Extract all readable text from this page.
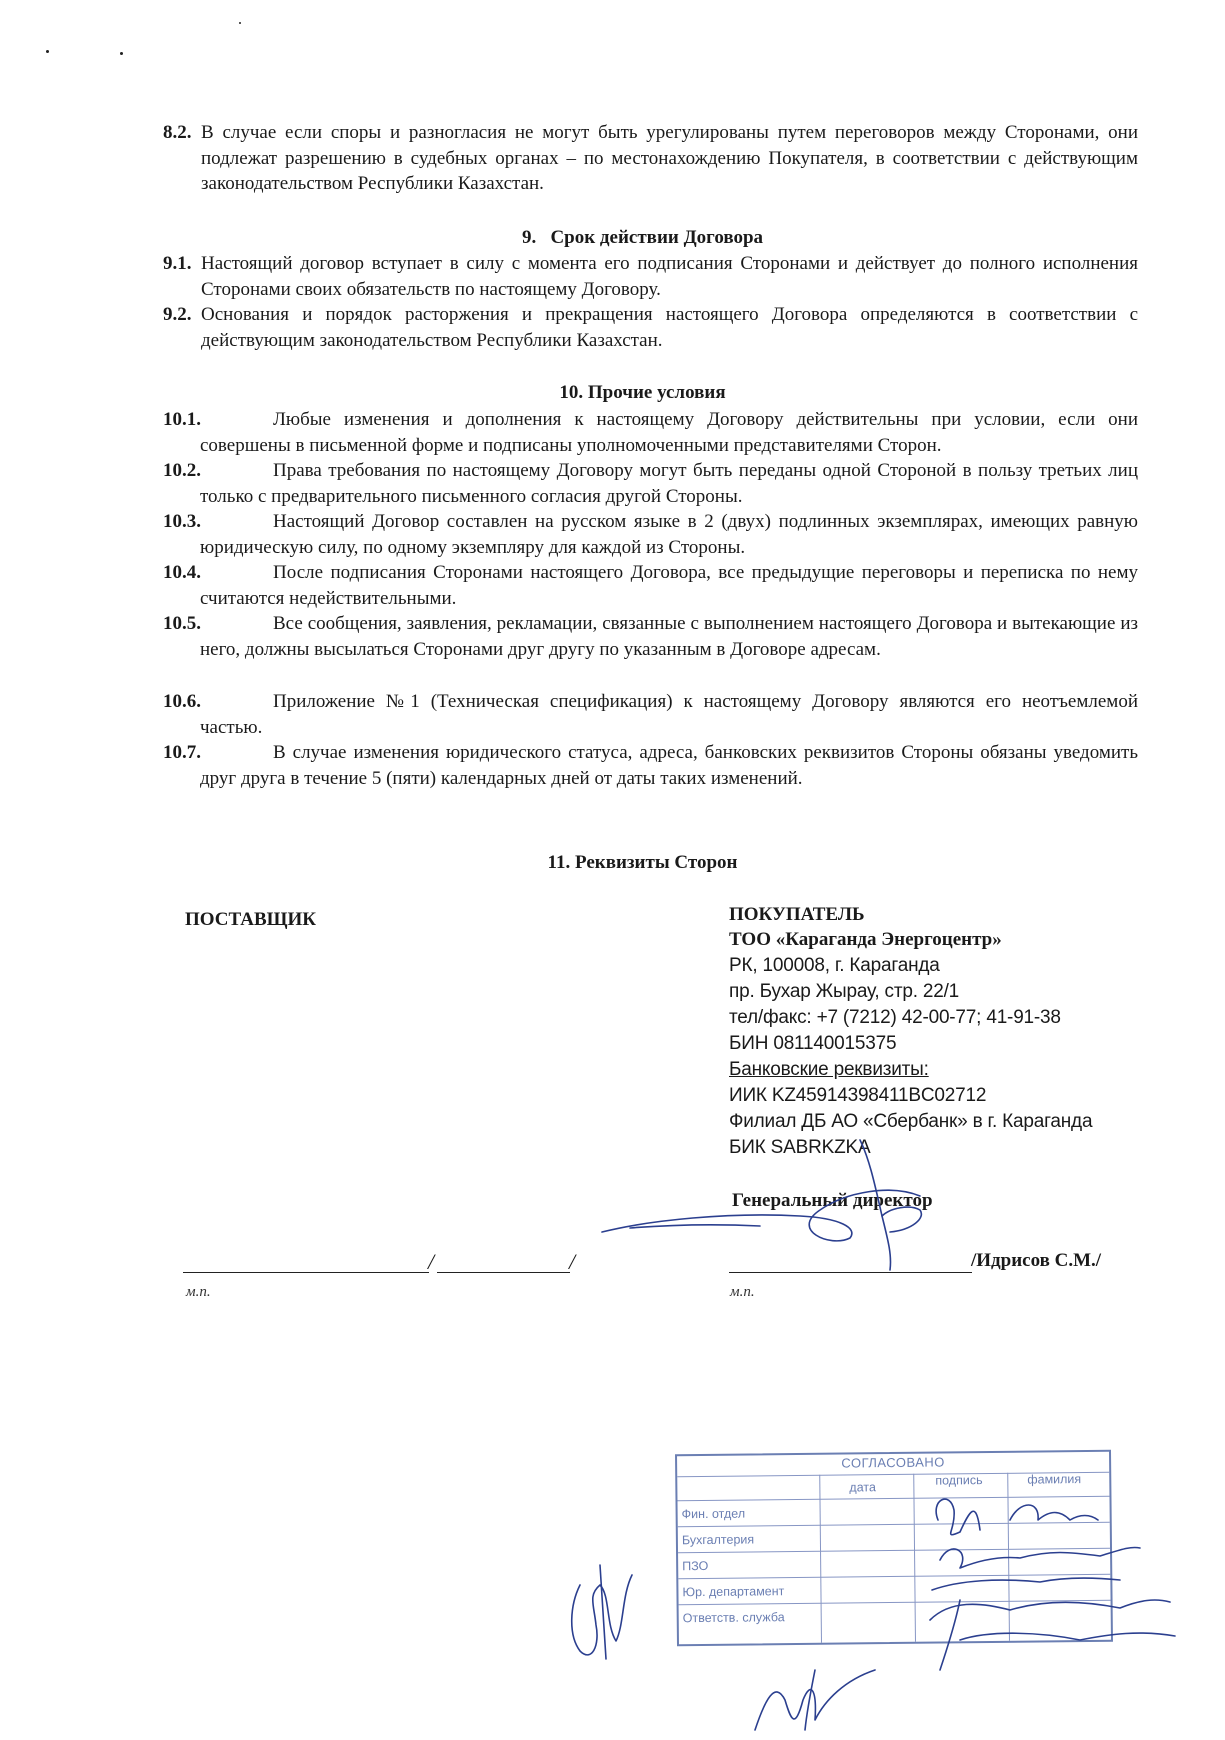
8.2. В случае если споры и разногласия не могут быть урегулированы путем переговоров между Сторонами, они подлежат разрешению в судебных органах – по местонахождению Покупателя, в соответствии с действующим законодательством Республики Казахстан.
9.   Срок действии Договора
9.1. Настоящий договор вступает в силу с момента его подписания Сторонами и действует до полного исполнения Сторонами своих обязательств по настоящему Договору.
9.2. Основания и порядок расторжения и прекращения настоящего Договора определяются в соответствии с действующим законодательством Республики Казахстан.
10. Прочие условия
10.1.	Любые изменения и дополнения к настоящему Договору действительны при условии, если они совершены в письменной форме и подписаны уполномоченными представителями Сторон.
10.2.	Права требования по настоящему Договору могут быть переданы одной Стороной в пользу третьих лиц только с предварительного письменного согласия другой Стороны.
10.3.	Настоящий Договор составлен на русском языке в 2 (двух) подлинных экземплярах, имеющих равную юридическую силу, по одному экземпляру для каждой из Стороны.
10.4.	После подписания Сторонами настоящего Договора, все предыдущие переговоры и переписка по нему считаются недействительными.
10.5.	Все сообщения, заявления, рекламации, связанные с выполнением настоящего Договора и вытекающие из него, должны высылаться Сторонами друг другу по указанным в Договоре адресам.
10.6.	Приложение №1 (Техническая спецификация) к настоящему Договору являются его неотъемлемой частью.
10.7.	В случае изменения юридического статуса, адреса, банковских реквизитов Стороны обязаны уведомить друг друга в течение 5 (пяти) календарных дней от даты таких изменений.
11. Реквизиты Сторон
ПОСТАВЩИК	ПОКУПАТЕЛЬ
ТОО «Караганда Энергоцентр»
РК, 100008, г. Караганда
пр. Бухар Жырау, стр. 22/1
тел/факс: +7 (7212) 42-00-77; 41-91-38
БИН 081140015375
Банковские реквизиты:
ИИК KZ45914398411BC02712
Филиал ДБ АО «Сбербанк» в г. Караганда
БИК SABRKZKA
Генеральный директор
/	/
м.п.
/Идрисов С.М./
м.п.
СОГЛАСОВАНО
дата	подпись	фамилия
Фин. отдел
Бухгалтерия
ПЗО
Юр. департамент
Ответств. служба
